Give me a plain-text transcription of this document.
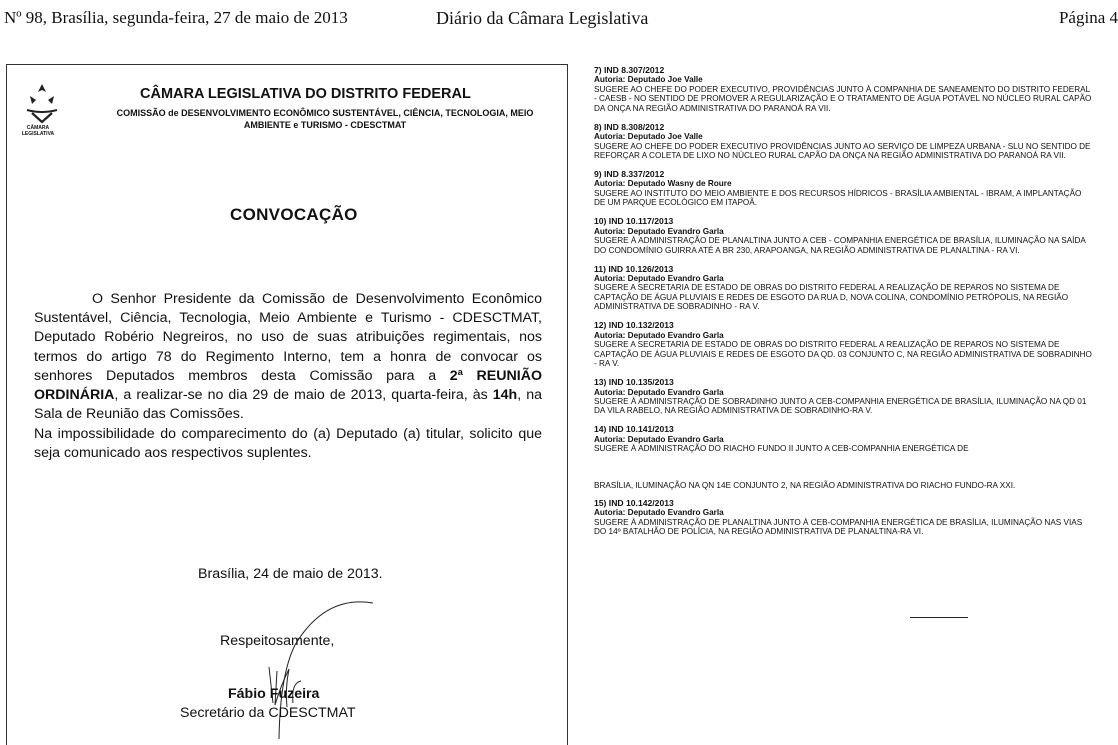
Nº 98, Brasília, segunda-feira, 27 de maio de 2013	Diário da Câmara Legislativa	Página 4
CÂMARA LEGISLATIVA
CÂMARA LEGISLATIVA DO DISTRITO FEDERAL
COMISSÃO de DESENVOLVIMENTO ECONÔMICO SUSTENTÁVEL, CIÊNCIA, TECNOLOGIA, MEIO AMBIENTE e TURISMO - CDESCTMAT
CONVOCAÇÃO
O Senhor Presidente da Comissão de Desenvolvimento Econômico Sustentável, Ciência, Tecnologia, Meio Ambiente e Turismo - CDESCTMAT, Deputado Robério Negreiros, no uso de suas atribuições regimentais, nos termos do artigo 78 do Regimento Interno, tem a honra de convocar os senhores Deputados membros desta Comissão para a 2ª REUNIÃO ORDINÁRIA, a realizar-se no dia 29 de maio de 2013, quarta-feira, às 14h, na Sala de Reunião das Comissões.
Na impossibilidade do comparecimento do (a) Deputado (a) titular, solicito que seja comunicado aos respectivos suplentes.
Brasília, 24 de maio de 2013.
Respeitosamente,
Fábio Fuzeira
Secretário da CDESCTMAT
7) IND 8.307/2012
Autoria: Deputado Joe Valle
SUGERE AO CHEFE DO PODER EXECUTIVO, PROVIDÊNCIAS JUNTO À COMPANHIA DE SANEAMENTO DO DISTRITO FEDERAL - CAESB - NO SENTIDO DE PROMOVER A REGULARIZAÇÃO E O TRATAMENTO DE ÁGUA POTÁVEL NO NÚCLEO RURAL CAPÃO DA ONÇA NA REGIÃO ADMINISTRATIVA DO PARANOÁ RA VII.
8) IND 8.308/2012
Autoria: Deputado Joe Valle
SUGERE AO CHEFE DO PODER EXECUTIVO PROVIDÊNCIAS JUNTO AO SERVIÇO DE LIMPEZA URBANA - SLU NO SENTIDO DE REFORÇAR A COLETA DE LIXO NO NÚCLEO RURAL CAPÃO DA ONÇA NA REGIÃO ADMINISTRATIVA DO PARANOÁ RA VII.
9) IND 8.337/2012
Autoria: Deputado Wasny de Roure
SUGERE AO INSTITUTO DO MEIO AMBIENTE E DOS RECURSOS HÍDRICOS - BRASÍLIA AMBIENTAL - IBRAM, A IMPLANTAÇÃO DE UM PARQUE ECOLÓGICO EM ITAPOÃ.
10) IND 10.117/2013
Autoria: Deputado Evandro Garla
SUGERE À ADMINISTRAÇÃO DE PLANALTINA JUNTO A CEB - COMPANHIA ENERGÉTICA DE BRASÍLIA, ILUMINAÇÃO NA SAÍDA DO CONDOMÍNIO GUIRRA ATÉ A BR 230, ARAPOANGA, NA REGIÃO ADMINISTRATIVA DE PLANALTINA - RA VI.
11) IND 10.126/2013
Autoria: Deputado Evandro Garla
SUGERE A SECRETARIA DE ESTADO DE OBRAS DO DISTRITO FEDERAL A REALIZAÇÃO DE REPAROS NO SISTEMA DE CAPTAÇÃO DE ÁGUA PLUVIAIS E REDES DE ESGOTO DA RUA D, NOVA COLINA, CONDOMÍNIO PETRÓPOLIS, NA REGIÃO ADMINISTRATIVA DE SOBRADINHO - RA V.
12) IND 10.132/2013
Autoria: Deputado Evandro Garla
SUGERE A SECRETARIA DE ESTADO DE OBRAS DO DISTRITO FEDERAL A REALIZAÇÃO DE REPAROS NO SISTEMA DE CAPTAÇÃO DE ÁGUA PLUVIAIS E REDES DE ESGOTO DA QD. 03 CONJUNTO C, NA REGIÃO ADMINISTRATIVA DE SOBRADINHO - RA V.
13) IND 10.135/2013
Autoria: Deputado Evandro Garla
SUGERE À ADMINISTRAÇÃO DE SOBRADINHO JUNTO A CEB-COMPANHIA ENERGÉTICA DE BRASÍLIA, ILUMINAÇÃO NA QD 01 DA VILA RABELO, NA REGIÃO ADMINISTRATIVA DE SOBRADINHO-RA V.
14) IND 10.141/2013
Autoria: Deputado Evandro Garla
SUGERE À ADMINISTRAÇÃO DO RIACHO FUNDO II JUNTO A CEB-COMPANHIA ENERGÉTICA DE
BRASÍLIA, ILUMINAÇÃO NA QN 14E CONJUNTO 2, NA REGIÃO ADMINISTRATIVA DO RIACHO FUNDO-RA XXI.
15) IND 10.142/2013
Autoria: Deputado Evandro Garla
SUGERE À ADMINISTRAÇÃO DE PLANALTINA JUNTO À CEB-COMPANHIA ENERGÉTICA DE BRASÍLIA, ILUMINAÇÃO NAS VIAS DO 14º BATALHÃO DE POLÍCIA, NA REGIÃO ADMINISTRATIVA DE PLANALTINA-RA VI.
